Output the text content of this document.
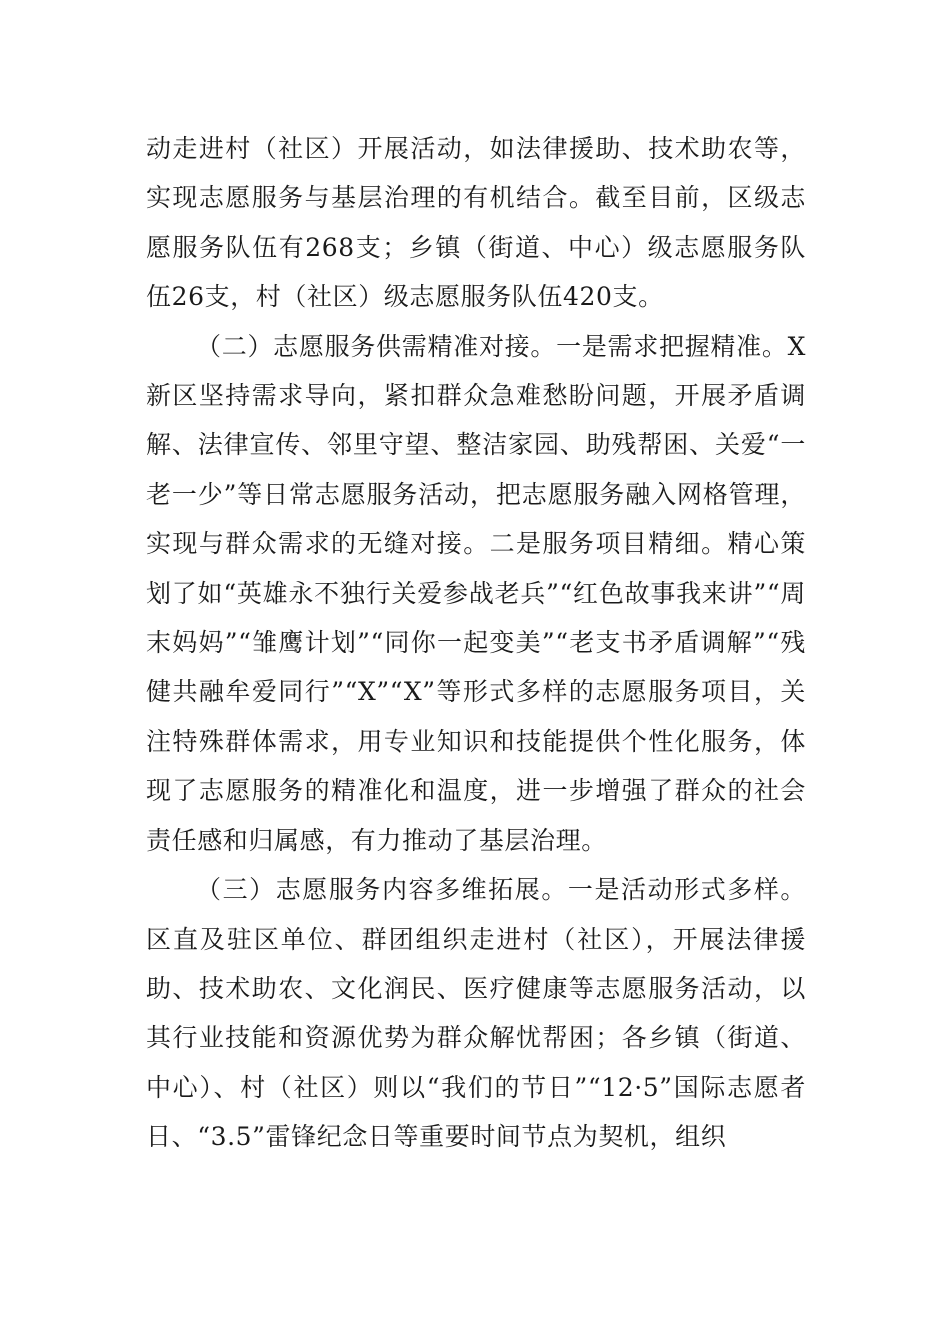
动走进村（社区）开展活动，如法律援助、技术助农等，实现志愿服务与基层治理的有机结合。截至目前，区级志愿服务队伍有268支；乡镇（街道、中心）级志愿服务队伍26支，村（社区）级志愿服务队伍420支。

（二）志愿服务供需精准对接。一是需求把握精准。X新区坚持需求导向，紧扣群众急难愁盼问题，开展矛盾调解、法律宣传、邻里守望、整洁家园、助残帮困、关爱“一老一少”等日常志愿服务活动，把志愿服务融入网格管理，实现与群众需求的无缝对接。二是服务项目精细。精心策划了如“英雄永不独行关爱参战老兵”“红色故事我来讲”“周末妈妈”“雏鹰计划”“同你一起变美”“老支书矛盾调解”“残健共融牟爱同行”“X”“X”等形式多样的志愿服务项目，关注特殊群体需求，用专业知识和技能提供个性化服务，体现了志愿服务的精准化和温度，进一步增强了群众的社会责任感和归属感，有力推动了基层治理。

（三）志愿服务内容多维拓展。一是活动形式多样。区直及驻区单位、群团组织走进村（社区），开展法律援助、技术助农、文化润民、医疗健康等志愿服务活动，以其行业技能和资源优势为群众解忧帮困；各乡镇（街道、中心）、村（社区）则以“我们的节日”“12·5”国际志愿者日、“3.5”雷锋纪念日等重要时间节点为契机，组织
